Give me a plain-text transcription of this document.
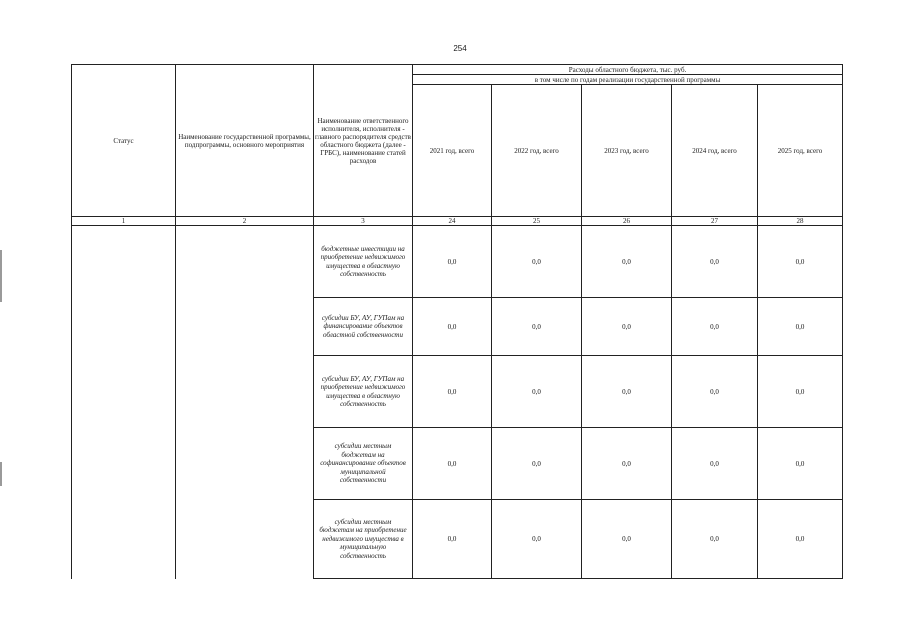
254
Статус	Наименование государственной программы, подпрограммы, основного мероприятия	Наименование ответственного исполнителя, исполнителя - главного распорядителя средств областного бюджета (далее - ГРБС), наименование статей расходов	Расходы областного бюджета, тыс. руб.				
			в том числе по годам реализации государственной программы				
			2021 год, всего	2022 год, всего	2023 год, всего	2024 год, всего	2025 год, всего
1	2	3	24	25	26	27	28
		бюджетные инвестиции на приобретение недвижимого имущества в областную собственность	0,0	0,0	0,0	0,0	0,0
		субсидии БУ, АУ, ГУПам на финансирование объектов областной собственности	0,0	0,0	0,0	0,0	0,0
		субсидии БУ, АУ, ГУПам на приобретение недвижимого имущества в областную собственность	0,0	0,0	0,0	0,0	0,0
		субсидии местным бюджетам на софинансирование объектов муниципальной собственности	0,0	0,0	0,0	0,0	0,0
		субсидии местным бюджетам на приобретение недвижимого имущества в муниципальную собственность	0,0	0,0	0,0	0,0	0,0
